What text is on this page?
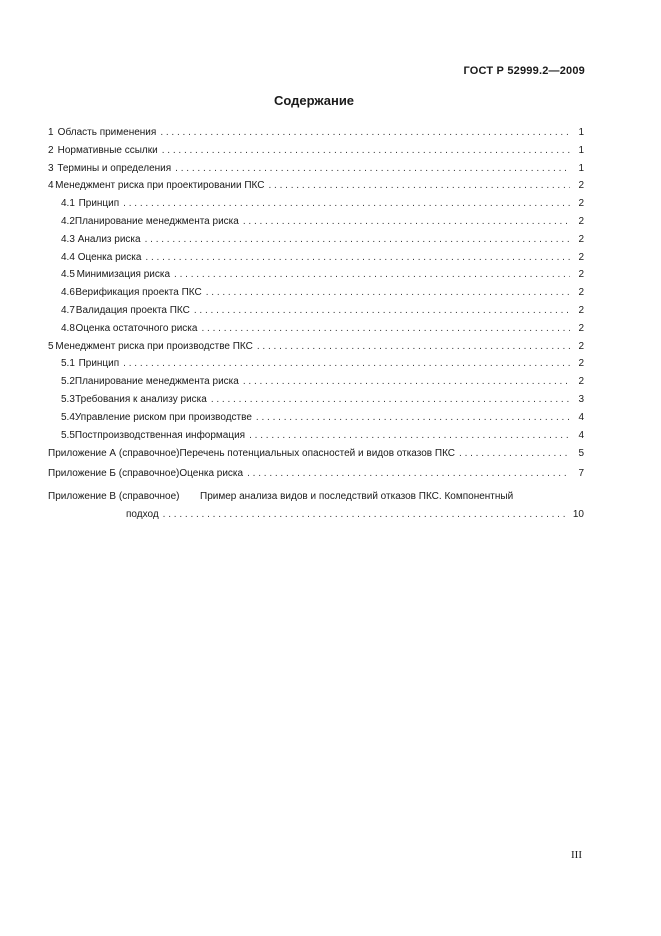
ГОСТ Р 52999.2—2009
Содержание
1 Область применения . . .	1
2 Нормативные ссылки . . .	1
3 Термины и определения . . .	1
4 Менеджмент риска при проектировании ПКС . . .	2
4.1 Принцип . . .	2
4.2 Планирование менеджмента риска . . .	2
4.3 Анализ риска . . .	2
4.4 Оценка риска . . .	2
4.5 Минимизация риска . . .	2
4.6 Верификация проекта ПКС . . .	2
4.7 Валидация проекта ПКС . . .	2
4.8 Оценка остаточного риска . . .	2
5 Менеджмент риска при производстве ПКС . . .	2
5.1 Принцип . . .	2
5.2 Планирование менеджмента риска . . .	2
5.3 Требования к анализу риска . . .	3
5.4 Управление риском при производстве . . .	4
5.5 Постпроизводственная информация . . .	4
Приложение А (справочное) Перечень потенциальных опасностей и видов отказов ПКС . . .	5
Приложение Б (справочное) Оценка риска . . .	7
Приложение В (справочное) Пример анализа видов и последствий отказов ПКС. Компонентный
подход . . .	10
III
